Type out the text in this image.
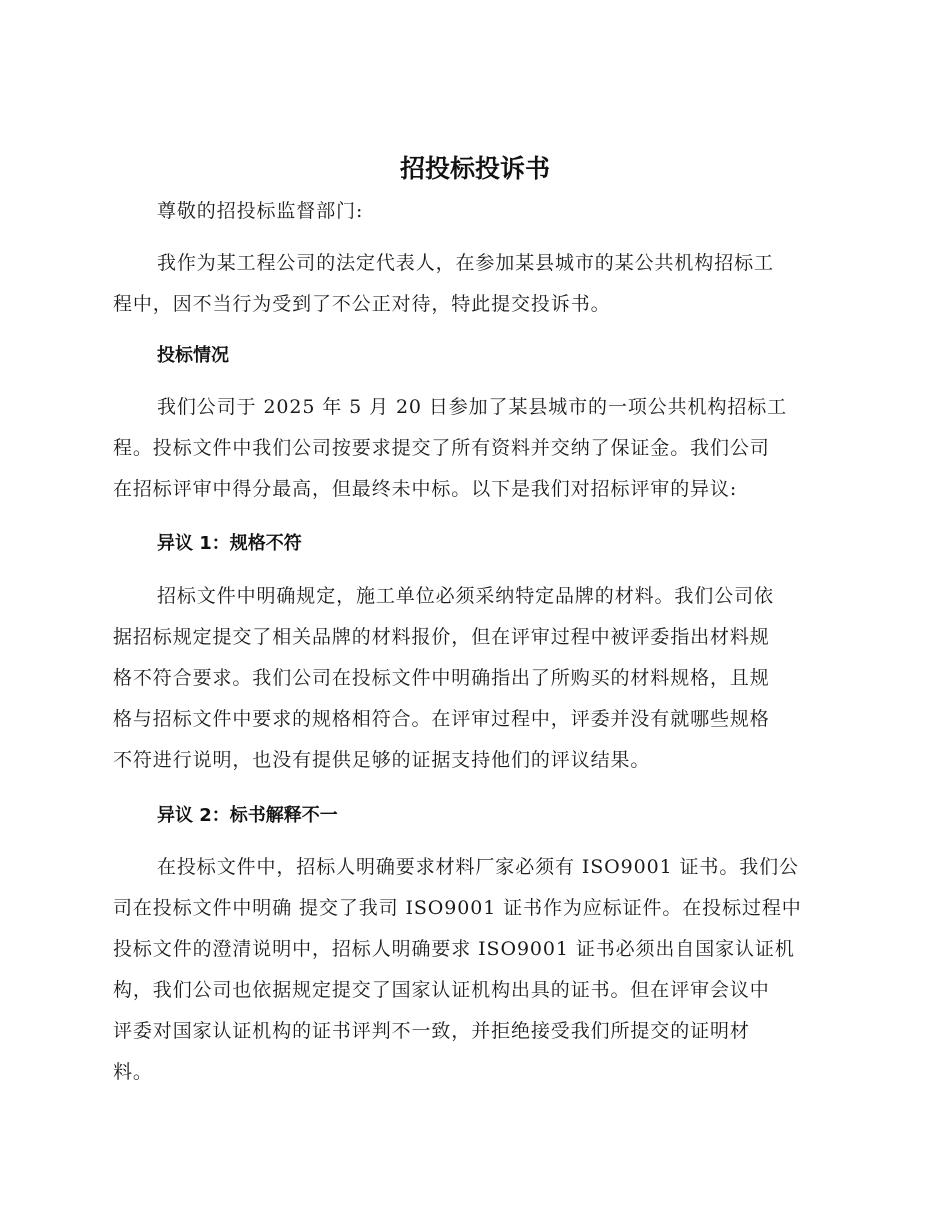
招投标投诉书
尊敬的招投标监督部门:
我作为某工程公司的法定代表人，在参加某县城市的某公共机构招标工
程中，因不当行为受到了不公正对待，特此提交投诉书。
投标情况
我们公司于 2025 年 5 月 20 日参加了某县城市的一项公共机构招标工
程。投标文件中我们公司按要求提交了所有资料并交纳了保证金。我们公司
在招标评审中得分最高，但最终未中标。以下是我们对招标评审的异议:
异议 1：规格不符
招标文件中明确规定，施工单位必须采纳特定品牌的材料。我们公司依
据招标规定提交了相关品牌的材料报价，但在评审过程中被评委指出材料规
格不符合要求。我们公司在投标文件中明确指出了所购买的材料规格，且规
格与招标文件中要求的规格相符合。在评审过程中，评委并没有就哪些规格
不符进行说明，也没有提供足够的证据支持他们的评议结果。
异议 2：标书解释不一
在投标文件中，招标人明确要求材料厂家必须有 ISO9001 证书。我们公
司在投标文件中明确 提交了我司 ISO9001 证书作为应标证件。在投标过程中
投标文件的澄清说明中，招标人明确要求 ISO9001 证书必须出自国家认证机
构，我们公司也依据规定提交了国家认证机构出具的证书。但在评审会议中
评委对国家认证机构的证书评判不一致，并拒绝接受我们所提交的证明材
料。
